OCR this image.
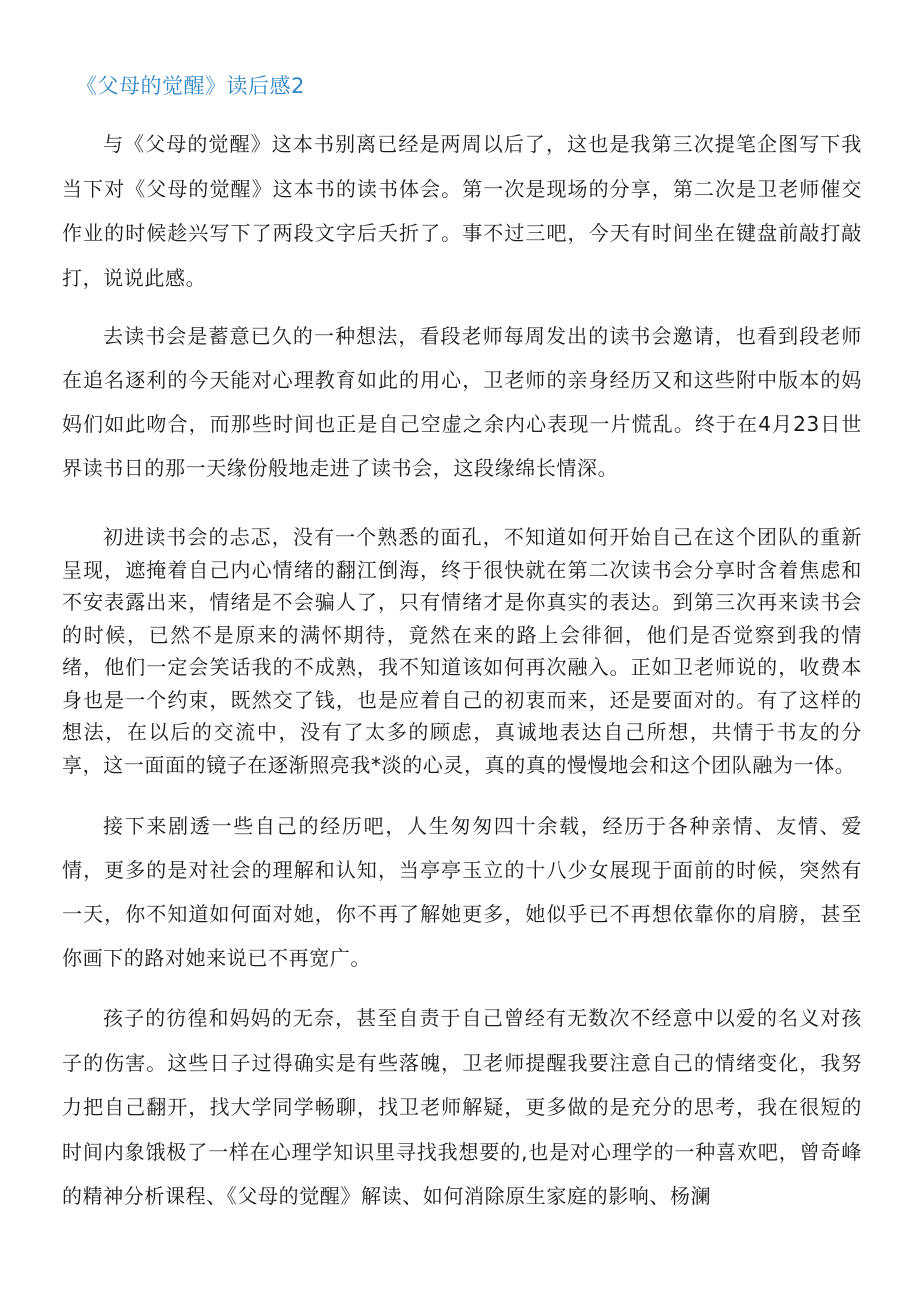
《父母的觉醒》读后感2

与《父母的觉醒》这本书别离已经是两周以后了，这也是我第三次提笔企图写下我当下对《父母的觉醒》这本书的读书体会。第一次是现场的分享，第二次是卫老师催交作业的时候趁兴写下了两段文字后夭折了。事不过三吧，今天有时间坐在键盘前敲打敲打，说说此感。

去读书会是蓄意已久的一种想法，看段老师每周发出的读书会邀请，也看到段老师在追名逐利的今天能对心理教育如此的用心，卫老师的亲身经历又和这些附中版本的妈妈们如此吻合，而那些时间也正是自己空虚之余内心表现一片慌乱。终于在4月23日世界读书日的那一天缘份般地走进了读书会，这段缘绵长情深。

初进读书会的忐忑，没有一个熟悉的面孔，不知道如何开始自己在这个团队的重新呈现，遮掩着自己内心情绪的翻江倒海，终于很快就在第二次读书会分享时含着焦虑和不安表露出来，情绪是不会骗人了，只有情绪才是你真实的表达。到第三次再来读书会的时候，已然不是原来的满怀期待，竟然在来的路上会徘徊，他们是否觉察到我的情绪，他们一定会笑话我的不成熟，我不知道该如何再次融入。正如卫老师说的，收费本身也是一个约束，既然交了钱，也是应着自己的初衷而来，还是要面对的。有了这样的想法，在以后的交流中，没有了太多的顾虑，真诚地表达自己所想，共情于书友的分享，这一面面的镜子在逐渐照亮我*淡的心灵，真的真的慢慢地会和这个团队融为一体。

接下来剧透一些自己的经历吧，人生匆匆四十余载，经历于各种亲情、友情、爱情，更多的是对社会的理解和认知，当亭亭玉立的十八少女展现于面前的时候，突然有一天，你不知道如何面对她，你不再了解她更多，她似乎已不再想依靠你的肩膀，甚至你画下的路对她来说已不再宽广。

孩子的彷徨和妈妈的无奈，甚至自责于自己曾经有无数次不经意中以爱的名义对孩子的伤害。这些日子过得确实是有些落魄，卫老师提醒我要注意自己的情绪变化，我努力把自己翻开，找大学同学畅聊，找卫老师解疑，更多做的是充分的思考，我在很短的时间内象饿极了一样在心理学知识里寻找我想要的,也是对心理学的一种喜欢吧，曾奇峰的精神分析课程、《父母的觉醒》解读、如何消除原生家庭的影响、杨澜
